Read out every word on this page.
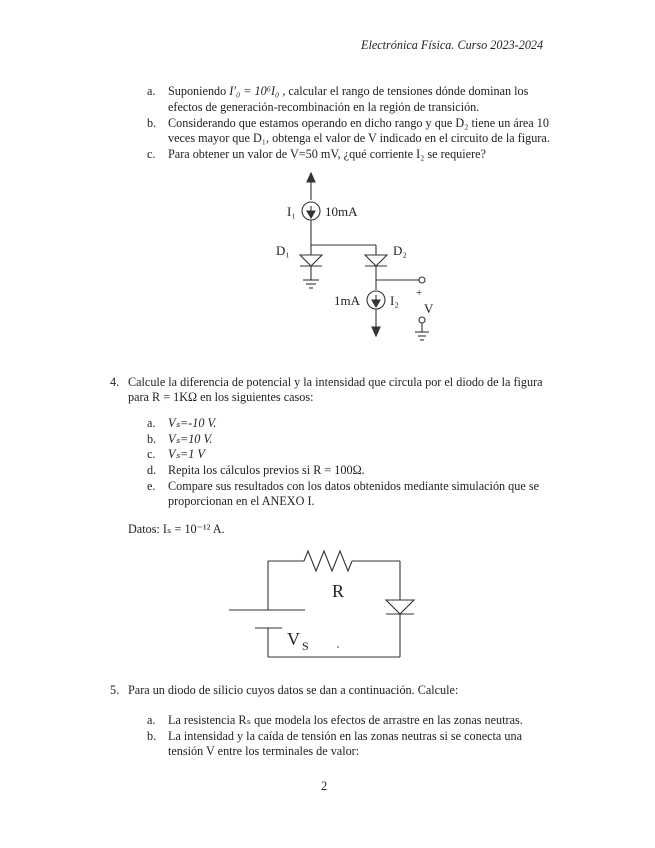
Electrónica Física. Curso 2023-2024
a. Suponiendo I′₀ = 10⁶I₀ , calcular el rango de tensiones dónde dominan los
efectos de generación-recombinación en la región de transición.
b. Considerando que estamos operando en dicho rango y que D₂ tiene un área 10
veces mayor que D₁, obtenga el valor de V indicado en el circuito de la figura.
c. Para obtener un valor de V=50 mV, ¿qué corriente I₂ se requiere?
I₁ 10mA
D₁	D₂
1mA I₂ +
V
4. Calcule la diferencia de potencial y la intensidad que circula por el diodo de la figura
para R = 1KΩ en los siguientes casos:
a. Vₛ=-10 V.
b. Vₛ=10 V.
c. Vₛ=1 V
d. Repita los cálculos previos si R = 100Ω.
e. Compare sus resultados con los datos obtenidos mediante simulación que se
proporcionan en el ANEXO I.
Datos: Iₛ = 10⁻¹² A.
R
V S
5. Para un diodo de silicio cuyos datos se dan a continuación. Calcule:
a. La resistencia Rₛ que modela los efectos de arrastre en las zonas neutras.
b. La intensidad y la caída de tensión en las zonas neutras si se conecta una
tensión V entre los terminales de valor:
2
